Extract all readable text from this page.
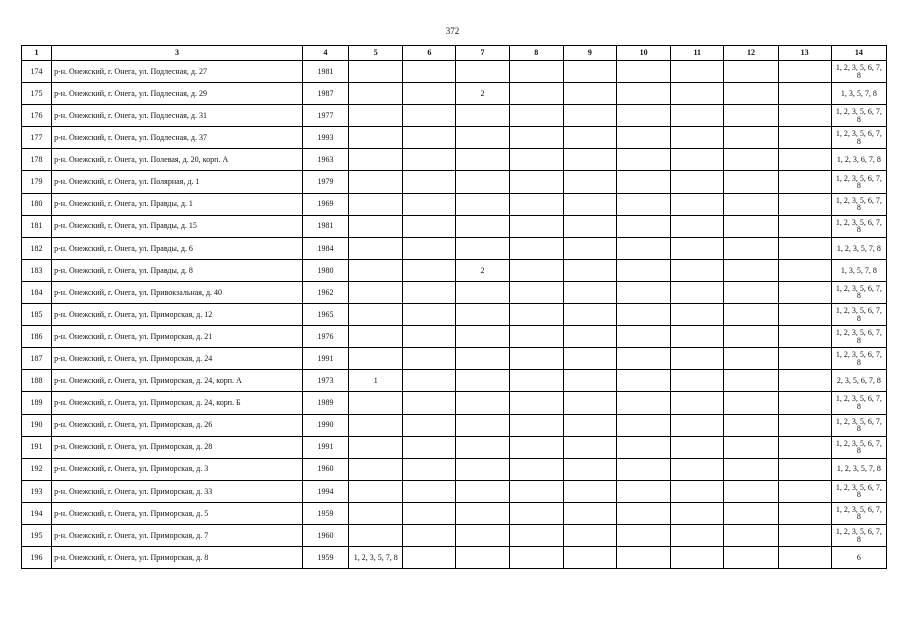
372
1	3	4	5	6	7	8	9	10	11	12	13	14
174	р-н. Онежский, г. Онега, ул. Подлесная, д. 27	1981										1, 2, 3, 5, 6, 7, 8
175	р-н. Онежский, г. Онега, ул. Подлесная, д. 29	1987			2							1, 3, 5, 7, 8
176	р-н. Онежский, г. Онега, ул. Подлесная, д. 31	1977										1, 2, 3, 5, 6, 7, 8
177	р-н. Онежский, г. Онега, ул. Подлесная, д. 37	1993										1, 2, 3, 5, 6, 7, 8
178	р-н. Онежский, г. Онега, ул. Полевая, д. 20, корп. А	1963										1, 2, 3, 6, 7, 8
179	р-н. Онежский, г. Онега, ул. Полярная, д. 1	1979										1, 2, 3, 5, 6, 7, 8
180	р-н. Онежский, г. Онега, ул. Правды, д. 1	1969										1, 2, 3, 5, 6, 7, 8
181	р-н. Онежский, г. Онега, ул. Правды, д. 15	1981										1, 2, 3, 5, 6, 7, 8
182	р-н. Онежский, г. Онега, ул. Правды, д. 6	1984										1, 2, 3, 5, 7, 8
183	р-н. Онежский, г. Онега, ул. Правды, д. 8	1980			2							1, 3, 5, 7, 8
184	р-н. Онежский, г. Онега, ул. Привокзальная, д. 40	1962										1, 2, 3, 5, 6, 7, 8
185	р-н. Онежский, г. Онега, ул. Приморская, д. 12	1965										1, 2, 3, 5, 6, 7, 8
186	р-н. Онежский, г. Онега, ул. Приморская, д. 21	1976										1, 2, 3, 5, 6, 7, 8
187	р-н. Онежский, г. Онега, ул. Приморская, д. 24	1991										1, 2, 3, 5, 6, 7, 8
188	р-н. Онежский, г. Онега, ул. Приморская, д. 24, корп. А	1973	1									2, 3, 5, 6, 7, 8
189	р-н. Онежский, г. Онега, ул. Приморская, д. 24, корп. Б	1989										1, 2, 3, 5, 6, 7, 8
190	р-н. Онежский, г. Онега, ул. Приморская, д. 26	1990										1, 2, 3, 5, 6, 7, 8
191	р-н. Онежский, г. Онега, ул. Приморская, д. 28	1991										1, 2, 3, 5, 6, 7, 8
192	р-н. Онежский, г. Онега, ул. Приморская, д. 3	1960										1, 2, 3, 5, 7, 8
193	р-н. Онежский, г. Онега, ул. Приморская, д. 33	1994										1, 2, 3, 5, 6, 7, 8
194	р-н. Онежский, г. Онега, ул. Приморская, д. 5	1959										1, 2, 3, 5, 6, 7, 8
195	р-н. Онежский, г. Онега, ул. Приморская, д. 7	1960										1, 2, 3, 5, 6, 7, 8
196	р-н. Онежский, г. Онега, ул. Приморская, д. 8	1959	1, 2, 3, 5, 7, 8									6
